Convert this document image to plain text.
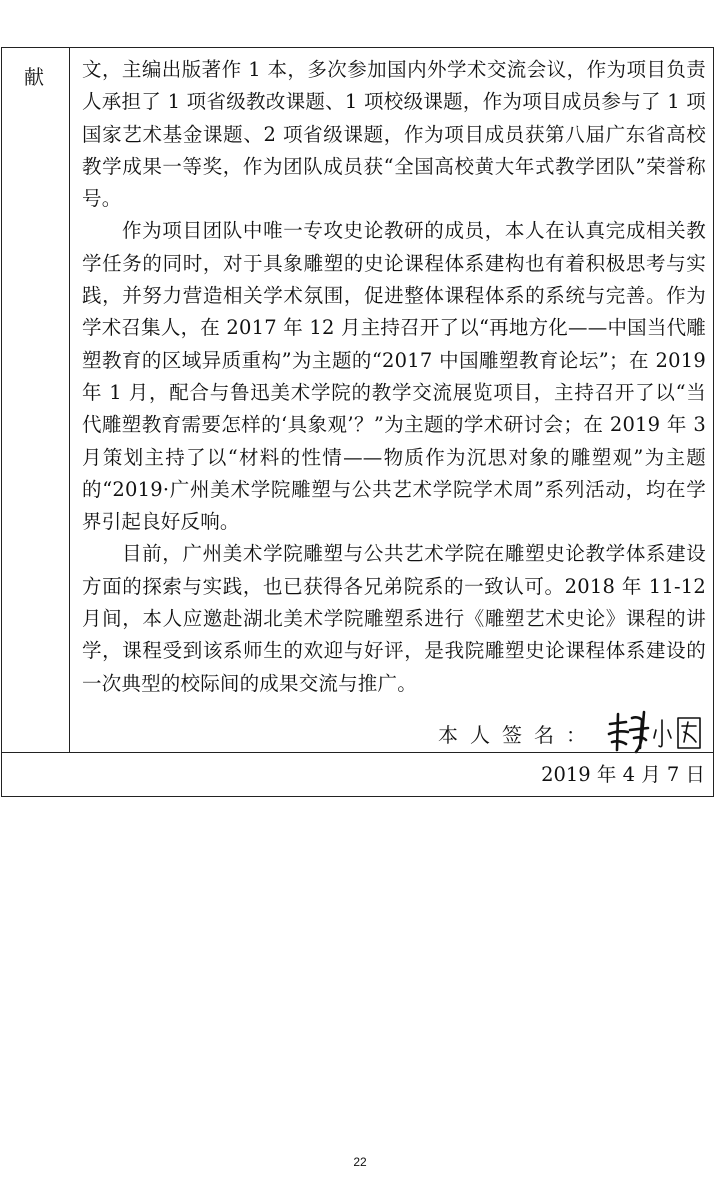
献 文，主编出版著作 1 本，多次参加国内外学术交流会议，作为项目负责人承担了 1 项省级教改课题、1 项校级课题，作为项目成员参与了 1 项国家艺术基金课题、2 项省级课题，作为项目成员获第八届广东省高校教学成果一等奖，作为团队成员获“全国高校黄大年式教学团队”荣誉称号。

作为项目团队中唯一专攻史论教研的成员，本人在认真完成相关教学任务的同时，对于具象雕塑的史论课程体系建构也有着积极思考与实践，并努力营造相关学术氛围，促进整体课程体系的系统与完善。作为学术召集人，在 2017 年 12 月主持召开了以“再地方化——中国当代雕塑教育的区域异质重构”为主题的“2017 中国雕塑教育论坛”；在 2019 年 1 月，配合与鲁迅美术学院的教学交流展览项目，主持召开了以“当代雕塑教育需要怎样的‘具象观’？”为主题的学术研讨会；在 2019 年 3 月策划主持了以“材料的性情——物质作为沉思对象的雕塑观”为主题的“2019·广州美术学院雕塑与公共艺术学院学术周”系列活动，均在学界引起良好反响。

目前，广州美术学院雕塑与公共艺术学院在雕塑史论教学体系建设方面的探索与实践，也已获得各兄弟院系的一致认可。2018 年 11-12 月间，本人应邀赴湖北美术学院雕塑系进行《雕塑艺术史论》课程的讲学，课程受到该系师生的欢迎与好评，是我院雕塑史论课程体系建设的一次典型的校际间的成果交流与推广。

本人签名：
2019 年 4 月 7 日
22
